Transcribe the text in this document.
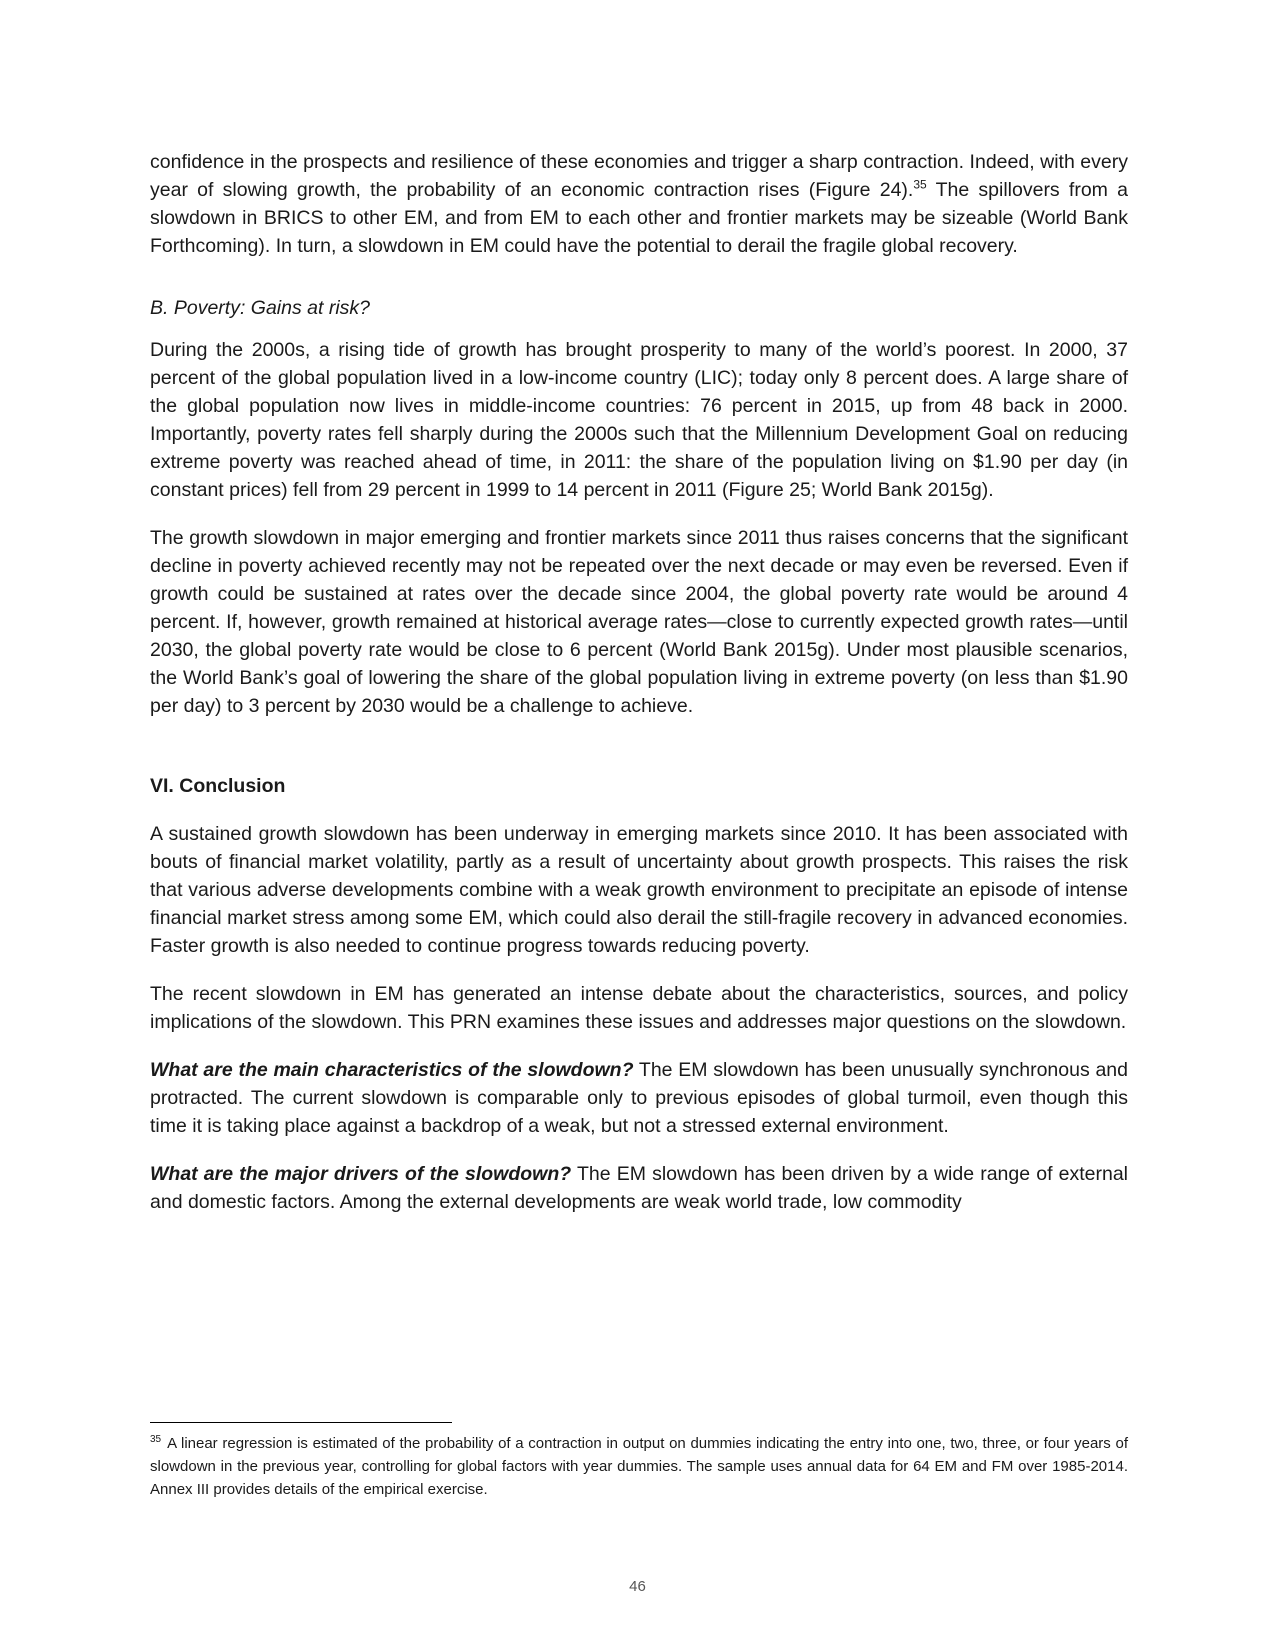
confidence in the prospects and resilience of these economies and trigger a sharp contraction. Indeed, with every year of slowing growth, the probability of an economic contraction rises (Figure 24).$^{35}$ The spillovers from a slowdown in BRICS to other EM, and from EM to each other and frontier markets may be sizeable (World Bank Forthcoming). In turn, a slowdown in EM could have the potential to derail the fragile global recovery.

B. Poverty: Gains at risk?

During the 2000s, a rising tide of growth has brought prosperity to many of the world’s poorest. In 2000, 37 percent of the global population lived in a low-income country (LIC); today only 8 percent does. A large share of the global population now lives in middle-income countries: 76 percent in 2015, up from 48 back in 2000. Importantly, poverty rates fell sharply during the 2000s such that the Millennium Development Goal on reducing extreme poverty was reached ahead of time, in 2011: the share of the population living on $1.90 per day (in constant prices) fell from 29 percent in 1999 to 14 percent in 2011 (Figure 25; World Bank 2015g).

The growth slowdown in major emerging and frontier markets since 2011 thus raises concerns that the significant decline in poverty achieved recently may not be repeated over the next decade or may even be reversed. Even if growth could be sustained at rates over the decade since 2004, the global poverty rate would be around 4 percent. If, however, growth remained at historical average rates—close to currently expected growth rates—until 2030, the global poverty rate would be close to 6 percent (World Bank 2015g). Under most plausible scenarios, the World Bank’s goal of lowering the share of the global population living in extreme poverty (on less than $1.90 per day) to 3 percent by 2030 would be a challenge to achieve.

VI. Conclusion

A sustained growth slowdown has been underway in emerging markets since 2010. It has been associated with bouts of financial market volatility, partly as a result of uncertainty about growth prospects. This raises the risk that various adverse developments combine with a weak growth environment to precipitate an episode of intense financial market stress among some EM, which could also derail the still-fragile recovery in advanced economies. Faster growth is also needed to continue progress towards reducing poverty.

The recent slowdown in EM has generated an intense debate about the characteristics, sources, and policy implications of the slowdown. This PRN examines these issues and addresses major questions on the slowdown.

What are the main characteristics of the slowdown? The EM slowdown has been unusually synchronous and protracted. The current slowdown is comparable only to previous episodes of global turmoil, even though this time it is taking place against a backdrop of a weak, but not a stressed external environment.

What are the major drivers of the slowdown? The EM slowdown has been driven by a wide range of external and domestic factors. Among the external developments are weak world trade, low commodity

$^{35}$ A linear regression is estimated of the probability of a contraction in output on dummies indicating the entry into one, two, three, or four years of slowdown in the previous year, controlling for global factors with year dummies. The sample uses annual data for 64 EM and FM over 1985-2014. Annex III provides details of the empirical exercise.

46
